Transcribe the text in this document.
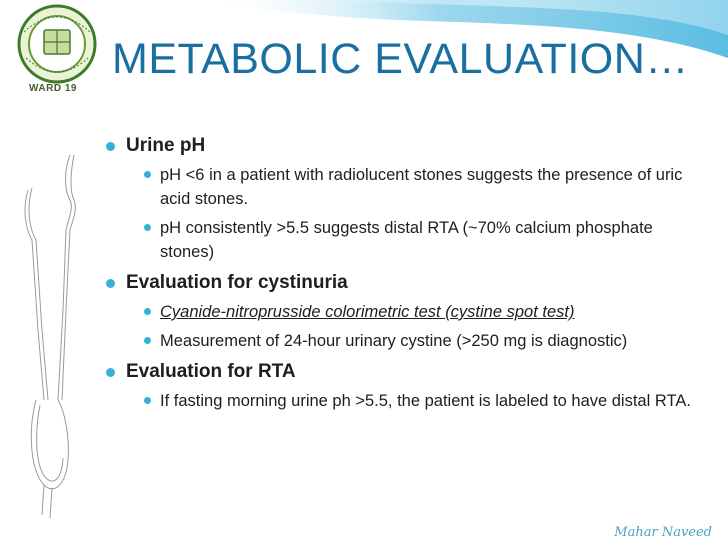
WARD 19
METABOLIC EVALUATION…
Urine pH
pH <6 in a patient with radiolucent stones suggests the presence of uric acid stones.
pH consistently >5.5 suggests distal RTA (~70% calcium phosphate stones)
Evaluation for cystinuria
Cyanide-nitroprusside colorimetric test (cystine spot test)
Measurement of 24-hour urinary cystine (>250 mg is diagnostic)
Evaluation for RTA
If fasting morning urine ph >5.5, the patient is labeled to have distal RTA.
Mahar Naveed
